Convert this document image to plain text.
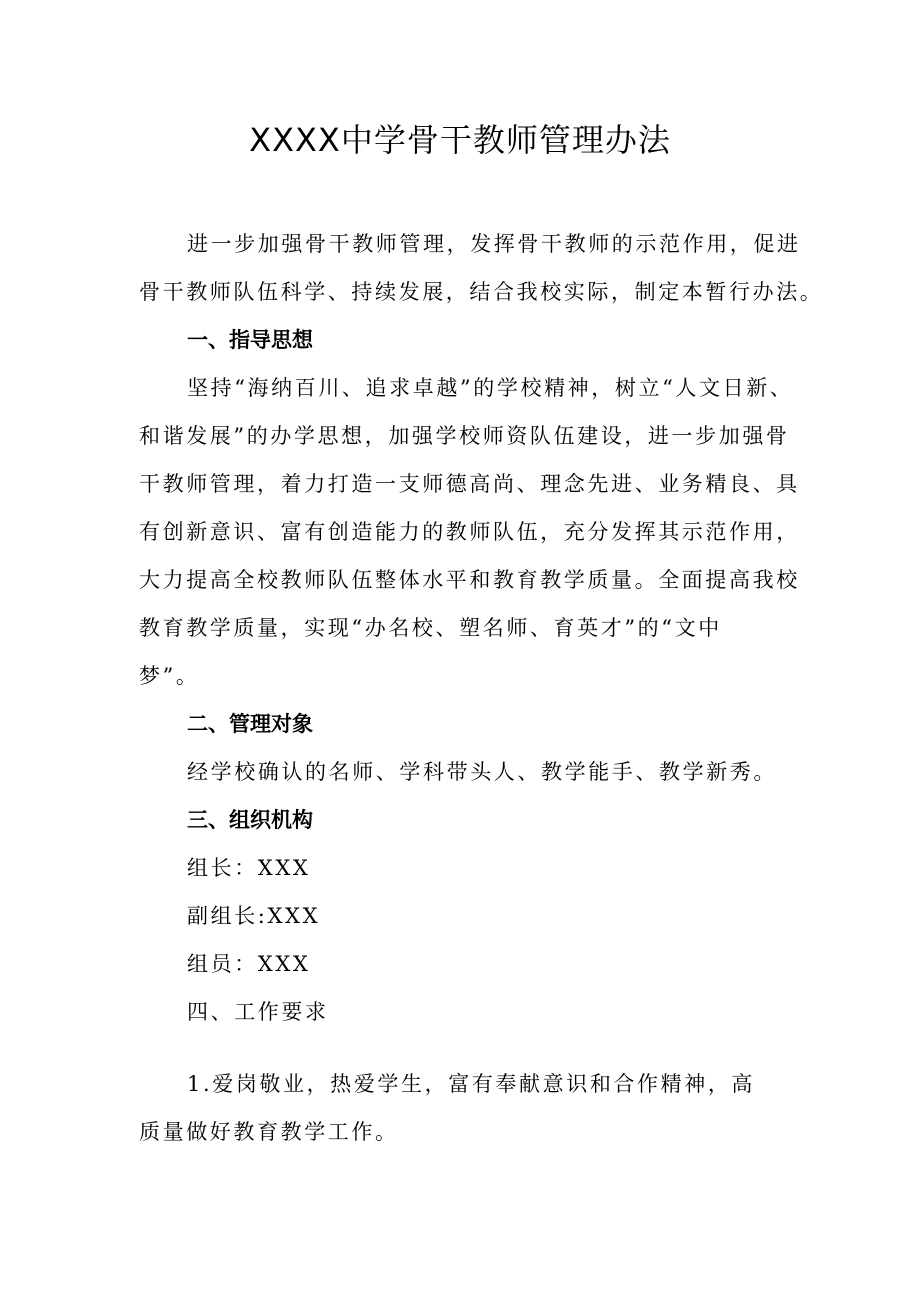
XXXX中学骨干教师管理办法
进一步加强骨干教师管理，发挥骨干教师的示范作用，促进
骨干教师队伍科学、持续发展，结合我校实际，制定本暂行办法。
一、指导思想
坚持“海纳百川、追求卓越”的学校精神，树立“人文日新、
和谐发展”的办学思想，加强学校师资队伍建设，进一步加强骨
干教师管理，着力打造一支师德高尚、理念先进、业务精良、具
有创新意识、富有创造能力的教师队伍，充分发挥其示范作用，
大力提高全校教师队伍整体水平和教育教学质量。全面提高我校
教育教学质量，实现“办名校、塑名师、育英才”的“文中
梦”。
二、管理对象
经学校确认的名师、学科带头人、教学能手、教学新秀。
三、组织机构
组长：XXX
副组长:XXX
组员：XXX
四、工作要求
1.爱岗敬业，热爱学生，富有奉献意识和合作精神，高
质量做好教育教学工作。
